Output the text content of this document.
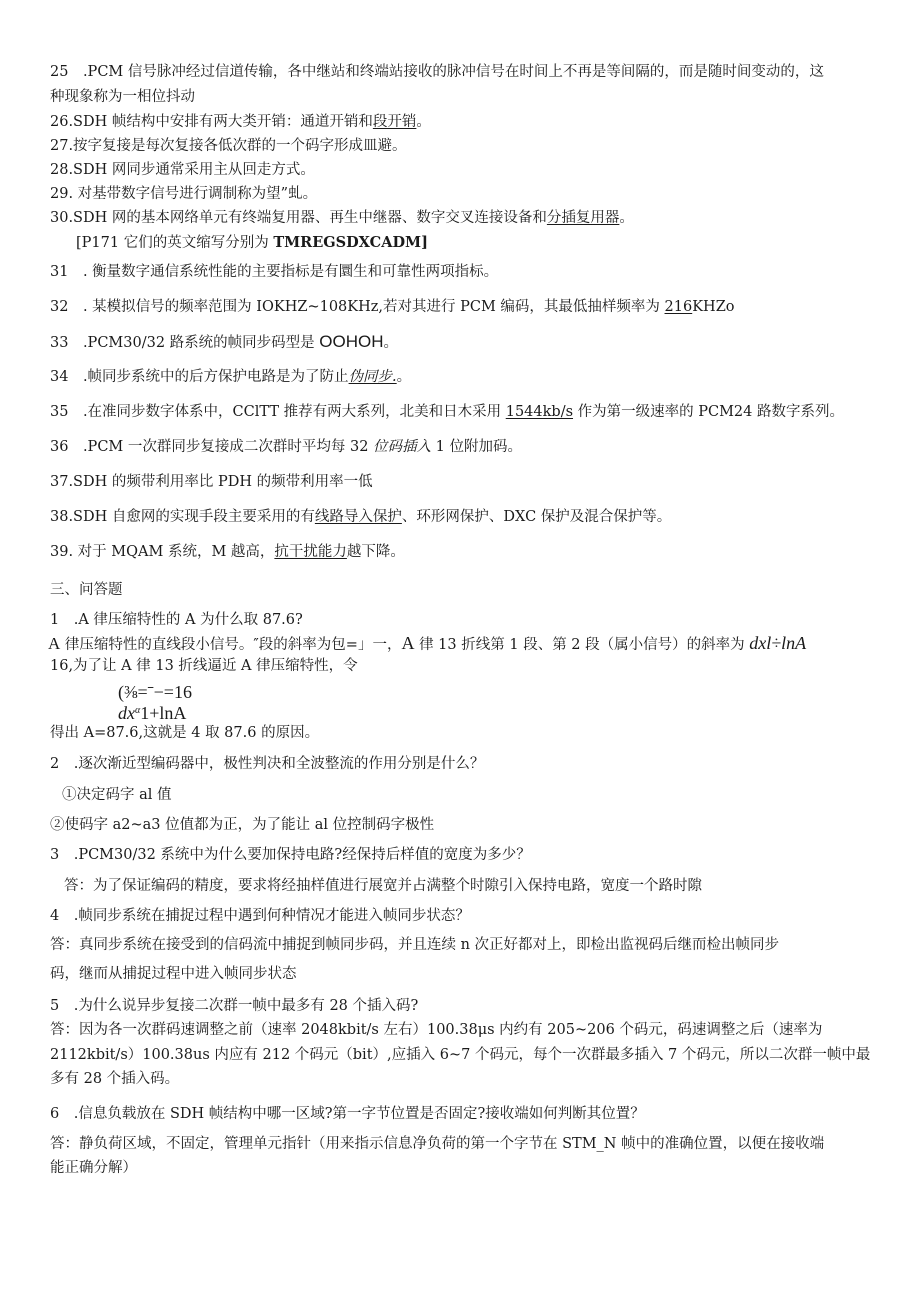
25　.PCM 信号脉冲经过信道传输，各中继站和终端站接收的脉冲信号在时间上不再是等间隔的，而是随时间变动的，这
种现象称为一相位抖动
26.SDH 帧结构中安排有两大类开销：通道开销和段开销。
27.按字复接是每次复接各低次群的一个码字形成皿避。
28.SDH 网同步通常采用主从回走方式。
29. 对基带数字信号进行调制称为望”虬。
30.SDH 网的基本网络单元有终端复用器、再生中继器、数字交叉连接设备和分插复用器。
[P171 它们的英文缩写分别为 TMREGSDXCADM]
31　. 衡量数字通信系统性能的主要指标是有圜生和可靠性两项指标。
32　. 某模拟信号的频率范围为 IOKHZ~108KHz,若对其进行 PCM 编码，其最低抽样频率为 216KHZo
33　.PCM30/32 路系统的帧同步码型是 OOHOH。
34　.帧同步系统中的后方保护电路是为了防止伪同步.。
35　.在准同步数字体系中，CClTT 推荐有两大系列，北美和日木采用 1544kb/s 作为第一级速率的 PCM24 路数字系列。
36　.PCM 一次群同步复接成二次群时平均每 32 位码插入 1 位附加码。
37.SDH 的频带利用率比 PDH 的频带利用率一低
38.SDH 自愈网的实现手段主要采用的有线路导入保护、环形网保护、DXC 保护及混合保护等。
39. 对于 MQAM 系统，M 越高，抗干扰能力越下降。
三、问答题
1　.A 律压缩特性的 A 为什么取 87.6?
A 律压缩特性的直线段小信号。″段的斜率为包=」一，A 律 13 折线第 1 段、第 2 段（属小信号）的斜率为 dxl÷lnA
16,为了让 A 律 13 折线逼近 A 律压缩特性，令
(⅜=ˉ−=16
$dx^\alpha 1+\ln A$
得出 A=87.6,这就是 4 取 87.6 的原因。
2　.逐次渐近型编码器中，极性判决和全波整流的作用分别是什么？
①决定码字 al 值
②使码字 a2~a3 位值都为正，为了能让 al 位控制码字极性
3　.PCM30/32 系统中为什么要加保持电路?经保持后样值的宽度为多少？
答：为了保证编码的精度，要求将经抽样值进行展宽并占满整个时隙引入保持电路，宽度一个路时隙
4　.帧同步系统在捕捉过程中遇到何种情况才能进入帧同步状态？
答：真同步系统在接受到的信码流中捕捉到帧同步码，并且连续 n 次正好都对上，即检出监视码后继而检出帧同步
码，继而从捕捉过程中进入帧同步状态
5　.为什么说异步复接二次群一帧中最多有 28 个插入码?
答：因为各一次群码速调整之前（速率 2048kbit/s 左右）100.38μs 内约有 205~206 个码元，码速调整之后（速率为
2112kbit/s）100.38us 内应有 212 个码元（bit）,应插入 6~7 个码元，每个一次群最多插入 7 个码元，所以二次群一帧中最
多有 28 个插入码。
6　.信息负载放在 SDH 帧结构中哪一区域?第一字节位置是否固定?接收端如何判断其位置？
答：静负荷区域，不固定，管理单元指针（用来指示信息净负荷的第一个字节在 STM_N 帧中的准确位置，以便在接收端
能正确分解）
